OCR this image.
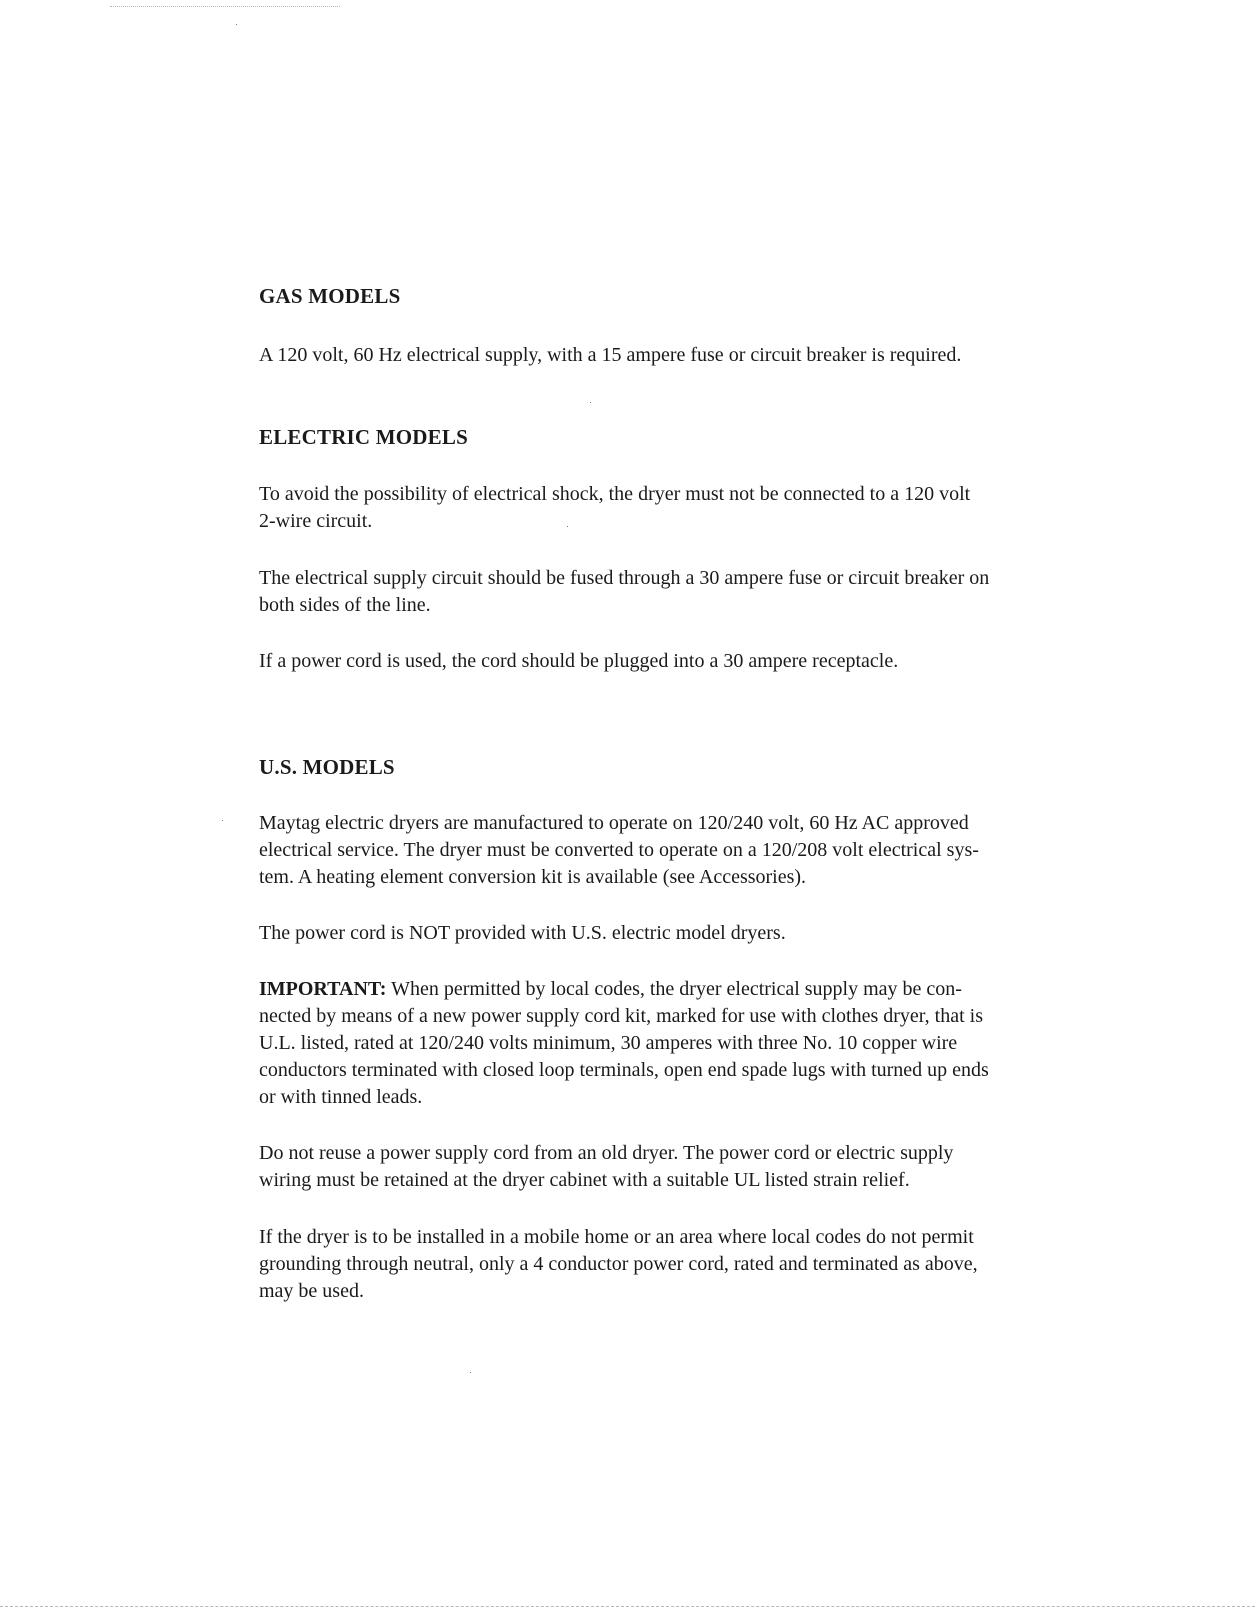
GAS MODELS

A 120 volt, 60 Hz electrical supply, with a 15 ampere fuse or circuit breaker is required.

ELECTRIC MODELS

To avoid the possibility of electrical shock, the dryer must not be connected to a 120 volt
2-wire circuit.

The electrical supply circuit should be fused through a 30 ampere fuse or circuit breaker on
both sides of the line.

If a power cord is used, the cord should be plugged into a 30 ampere receptacle.

U.S. MODELS

Maytag electric dryers are manufactured to operate on 120/240 volt, 60 Hz AC approved
electrical service. The dryer must be converted to operate on a 120/208 volt electrical sys-
tem. A heating element conversion kit is available (see Accessories).

The power cord is NOT provided with U.S. electric model dryers.

IMPORTANT: When permitted by local codes, the dryer electrical supply may be con-
nected by means of a new power supply cord kit, marked for use with clothes dryer, that is
U.L. listed, rated at 120/240 volts minimum, 30 amperes with three No. 10 copper wire
conductors terminated with closed loop terminals, open end spade lugs with turned up ends
or with tinned leads.

Do not reuse a power supply cord from an old dryer. The power cord or electric supply
wiring must be retained at the dryer cabinet with a suitable UL listed strain relief.

If the dryer is to be installed in a mobile home or an area where local codes do not permit
grounding through neutral, only a 4 conductor power cord, rated and terminated as above,
may be used.
